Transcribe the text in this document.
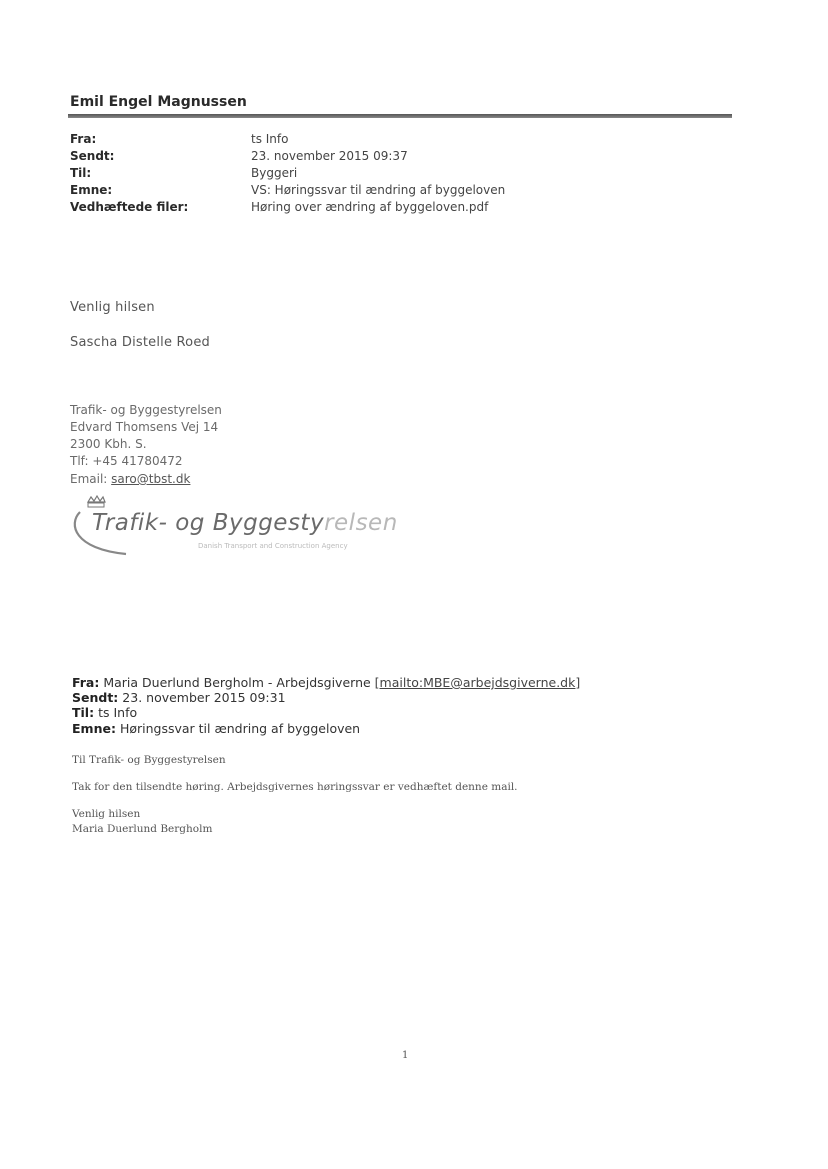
Emil Engel Magnussen
Fra:	ts Info
Sendt:	23. november 2015 09:37
Til:	Byggeri
Emne:	VS: Høringssvar til ændring af byggeloven
Vedhæftede filer:	Høring over ændring af byggeloven.pdf
Venlig hilsen
Sascha Distelle Roed
Trafik- og Byggestyrelsen
Edvard Thomsens Vej 14
2300 Kbh. S.
Tlf: +45 41780472
Email: saro@tbst.dk
Trafik- og Byggestyrelsen
Danish Transport and Construction Agency
Fra: Maria Duerlund Bergholm - Arbejdsgiverne [mailto:MBE@arbejdsgiverne.dk]
Sendt: 23. november 2015 09:31
Til: ts Info
Emne: Høringssvar til ændring af byggeloven
Til Trafik- og Byggestyrelsen
Tak for den tilsendte høring. Arbejdsgivernes høringssvar er vedhæftet denne mail.
Venlig hilsen
Maria Duerlund Bergholm
1
